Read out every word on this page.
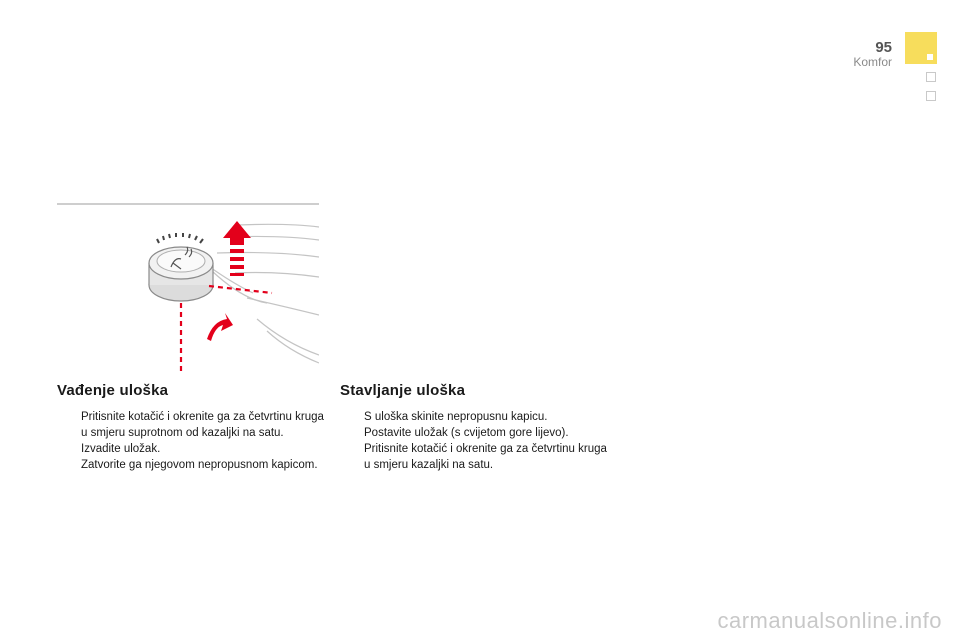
95
Komfor
Vađenje uloška
Pritisnite kotačić i okrenite ga za četvrtinu kruga u smjeru suprotnom od kazaljki na satu.
Izvadite uložak.
Zatvorite ga njegovom nepropusnom kapicom.
Stavljanje uloška
S uloška skinite nepropusnu kapicu.
Postavite uložak (s cvijetom gore lijevo).
Pritisnite kotačić i okrenite ga za četvrtinu kruga u smjeru kazaljki na satu.
carmanualsonline.info
